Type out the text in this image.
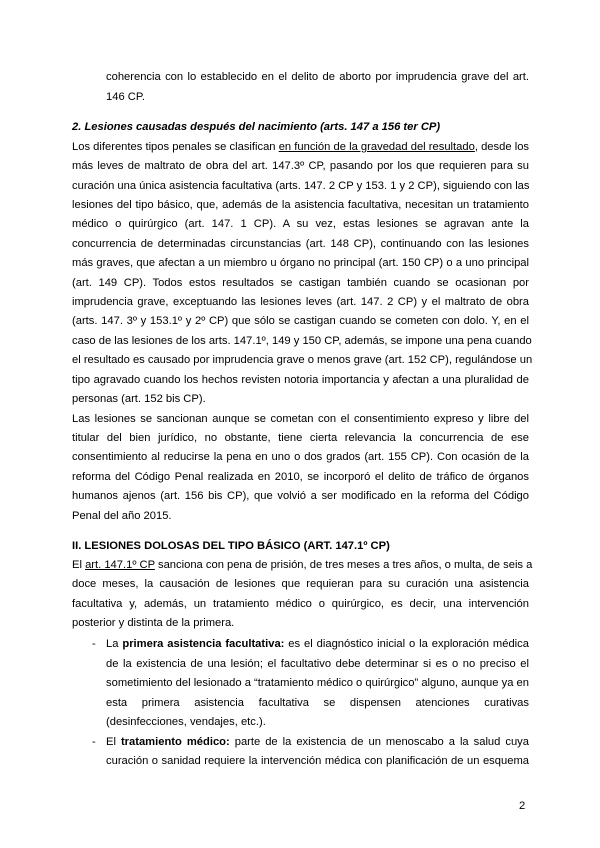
coherencia con lo establecido en el delito de aborto por imprudencia grave del art.
146 CP.
2. Lesiones causadas después del nacimiento (arts. 147 a 156 ter CP)
Los diferentes tipos penales se clasifican en función de la gravedad del resultado, desde los
más leves de maltrato de obra del art. 147.3º CP, pasando por los que requieren para su
curación una única asistencia facultativa (arts. 147. 2 CP y 153. 1 y 2 CP), siguiendo con las
lesiones del tipo básico, que, además de la asistencia facultativa, necesitan un tratamiento
médico o quirúrgico (art. 147. 1 CP). A su vez, estas lesiones se agravan ante la
concurrencia de determinadas circunstancias (art. 148 CP), continuando con las lesiones
más graves, que afectan a un miembro u órgano no principal (art. 150 CP) o a uno principal
(art. 149 CP). Todos estos resultados se castigan también cuando se ocasionan por
imprudencia grave, exceptuando las lesiones leves (art. 147. 2 CP) y el maltrato de obra
(arts. 147. 3º y 153.1º y 2º CP) que sólo se castigan cuando se cometen con dolo. Y, en el
caso de las lesiones de los arts. 147.1º, 149 y 150 CP, además, se impone una pena cuando
el resultado es causado por imprudencia grave o menos grave (art. 152 CP), regulándose un
tipo agravado cuando los hechos revisten notoria importancia y afectan a una pluralidad de
personas (art. 152 bis CP).
Las lesiones se sancionan aunque se cometan con el consentimiento expreso y libre del
titular del bien jurídico, no obstante, tiene cierta relevancia la concurrencia de ese
consentimiento al reducirse la pena en uno o dos grados (art. 155 CP). Con ocasión de la
reforma del Código Penal realizada en 2010, se incorporó el delito de tráfico de órganos
humanos ajenos (art. 156 bis CP), que volvió a ser modificado en la reforma del Código
Penal del año 2015.
II. LESIONES DOLOSAS DEL TIPO BÁSICO (ART. 147.1º CP)
El art. 147.1º CP sanciona con pena de prisión, de tres meses a tres años, o multa, de seis a
doce meses, la causación de lesiones que requieran para su curación una asistencia
facultativa y, además, un tratamiento médico o quirúrgico, es decir, una intervención
posterior y distinta de la primera.
- La primera asistencia facultativa: es el diagnóstico inicial o la exploración médica
de la existencia de una lesión; el facultativo debe determinar si es o no preciso el
sometimiento del lesionado a “tratamiento médico o quirúrgico” alguno, aunque ya en
esta primera asistencia facultativa se dispensen atenciones curativas
(desinfecciones, vendajes, etc.).
- El tratamiento médico: parte de la existencia de un menoscabo a la salud cuya
curación o sanidad requiere la intervención médica con planificación de un esquema
2
